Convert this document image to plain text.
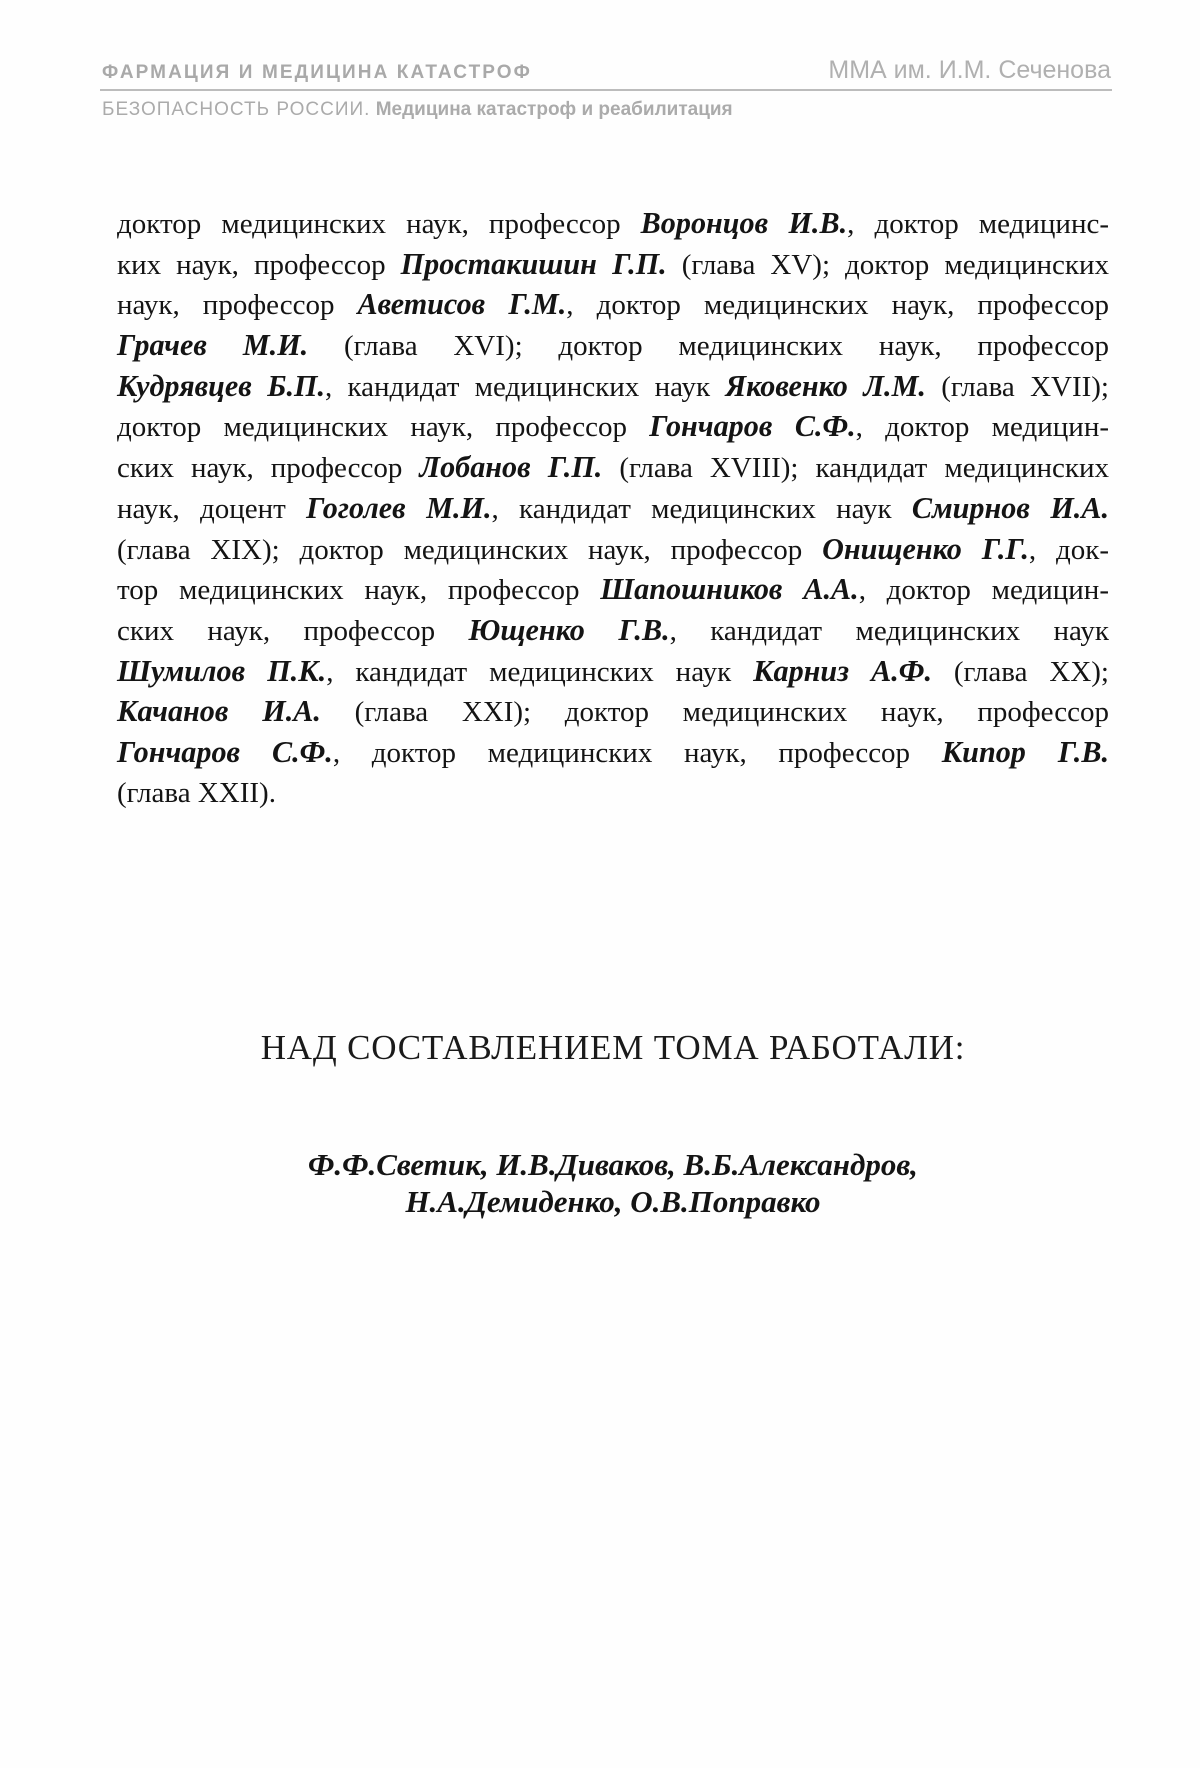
ФАРМАЦИЯ И МЕДИЦИНА КАТАСТРОФ	ММА им. И.М. Сеченова
БЕЗОПАСНОСТЬ РОССИИ. Медицина катастроф и реабилитация
доктор медицинских наук, профессор Воронцов И.В., доктор медицинс-
ких наук, профессор Простакишин Г.П. (глава XV); доктор медицинских
наук, профессор Аветисов Г.М., доктор медицинских наук, профессор
Грачев М.И. (глава XVI); доктор медицинских наук, профессор
Кудрявцев Б.П., кандидат медицинских наук Яковенко Л.М. (глава XVII);
доктор медицинских наук, профессор Гончаров С.Ф., доктор медицин-
ских наук, профессор Лобанов Г.П. (глава XVIII); кандидат медицинских
наук, доцент Гоголев М.И., кандидат медицинских наук Смирнов И.А.
(глава XIX); доктор медицинских наук, профессор Онищенко Г.Г., док-
тор медицинских наук, профессор Шапошников А.А., доктор медицин-
ских наук, профессор Ющенко Г.В., кандидат медицинских наук
Шумилов П.К., кандидат медицинских наук Карниз А.Ф. (глава XX);
Качанов И.А. (глава XXI); доктор медицинских наук, профессор
Гончаров С.Ф., доктор медицинских наук, профессор Кипор Г.В.
(глава XXII).
НАД СОСТАВЛЕНИЕМ ТОМА РАБОТАЛИ:
Ф.Ф.Светик, И.В.Диваков, В.Б.Александров,
Н.А.Демиденко, О.В.Поправко
